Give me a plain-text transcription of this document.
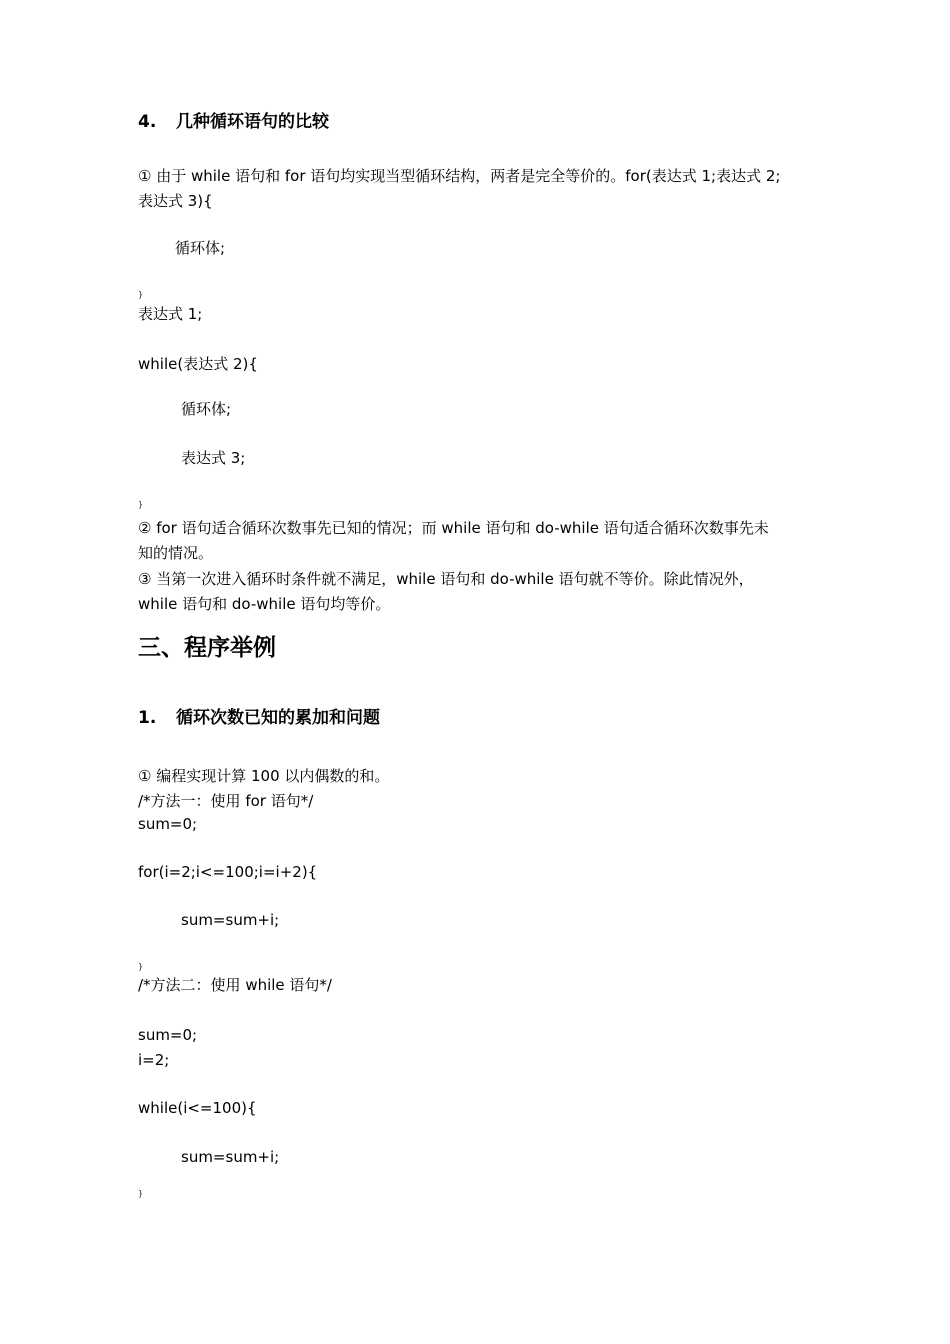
4. 几种循环语句的比较
① 由于 while 语句和 for 语句均实现当型循环结构，两者是完全等价的。for(表达式 1;表达式 2;
表达式 3){
循环体;
}
表达式 1;
while(表达式 2){
循环体;
表达式 3;
}
② for 语句适合循环次数事先已知的情况；而 while 语句和 do-while 语句适合循环次数事先未
知的情况。
③ 当第一次进入循环时条件就不满足，while 语句和 do-while 语句就不等价。除此情况外，
while 语句和 do-while 语句均等价。
三、程序举例
1. 循环次数已知的累加和问题
① 编程实现计算 100 以内偶数的和。
/*方法一：使用 for 语句*/
sum=0;
for(i=2;i<=100;i=i+2){
sum=sum+i;
}
/*方法二：使用 while 语句*/
sum=0;
i=2;
while(i<=100){
sum=sum+i;
}
